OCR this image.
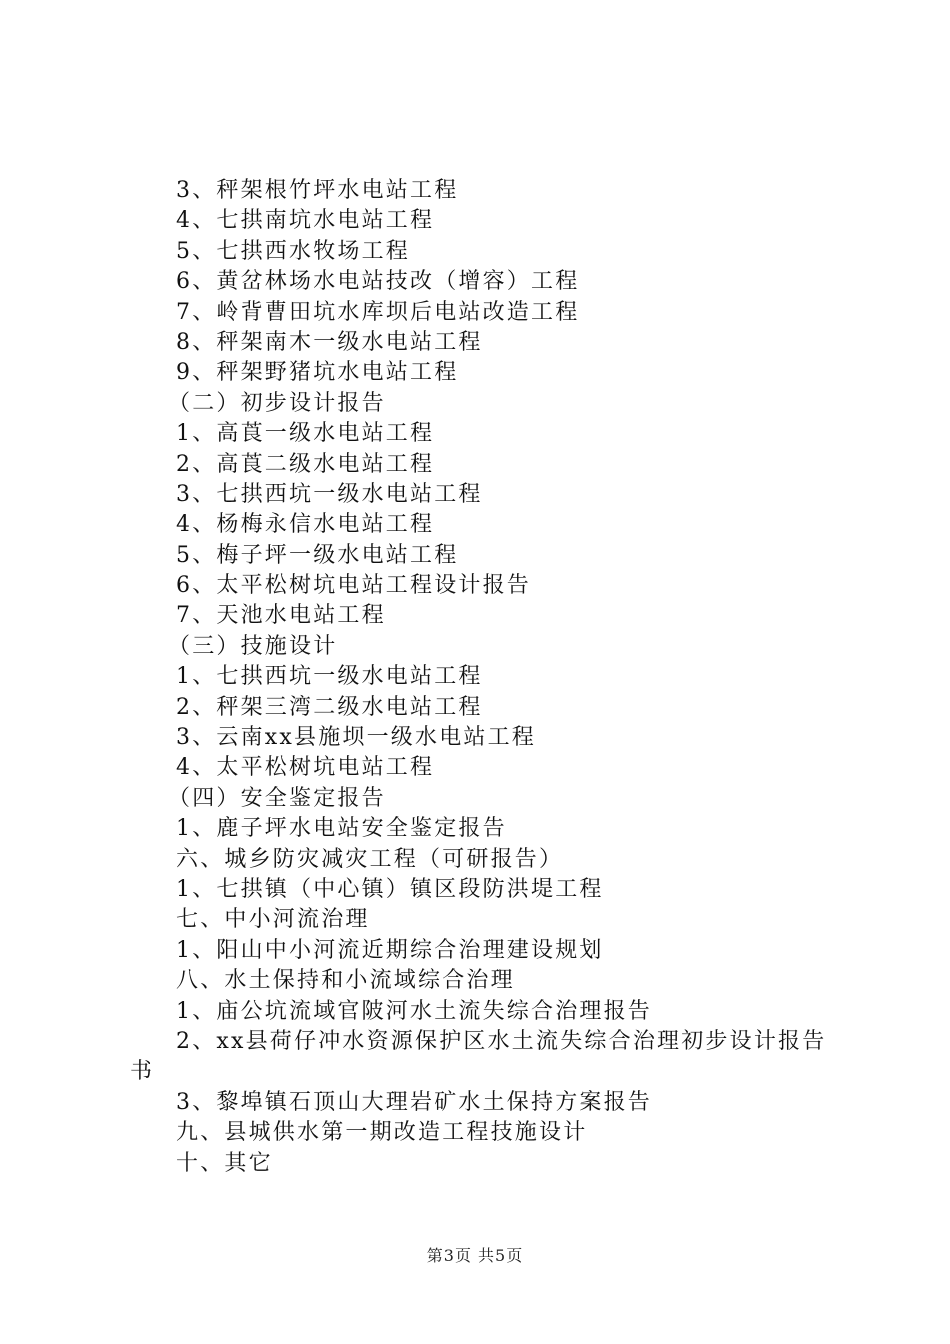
3、秤架根竹坪水电站工程
4、七拱南坑水电站工程
5、七拱西水牧场工程
6、黄岔林场水电站技改（增容）工程
7、岭背曹田坑水库坝后电站改造工程
8、秤架南木一级水电站工程
9、秤架野猪坑水电站工程
（二）初步设计报告
1、高莨一级水电站工程
2、高莨二级水电站工程
3、七拱西坑一级水电站工程
4、杨梅永信水电站工程
5、梅子坪一级水电站工程
6、太平松树坑电站工程设计报告
7、天池水电站工程
（三）技施设计
1、七拱西坑一级水电站工程
2、秤架三湾二级水电站工程
3、云南xx县施坝一级水电站工程
4、太平松树坑电站工程
（四）安全鉴定报告
1、鹿子坪水电站安全鉴定报告
六、城乡防灾减灾工程（可研报告）
1、七拱镇（中心镇）镇区段防洪堤工程
七、中小河流治理
1、阳山中小河流近期综合治理建设规划
八、水土保持和小流域综合治理
1、庙公坑流域官陂河水土流失综合治理报告
2、xx县荷仔冲水资源保护区水土流失综合治理初步设计报告书
3、黎埠镇石顶山大理岩矿水土保持方案报告
九、县城供水第一期改造工程技施设计
十、其它
第3页 共5页
